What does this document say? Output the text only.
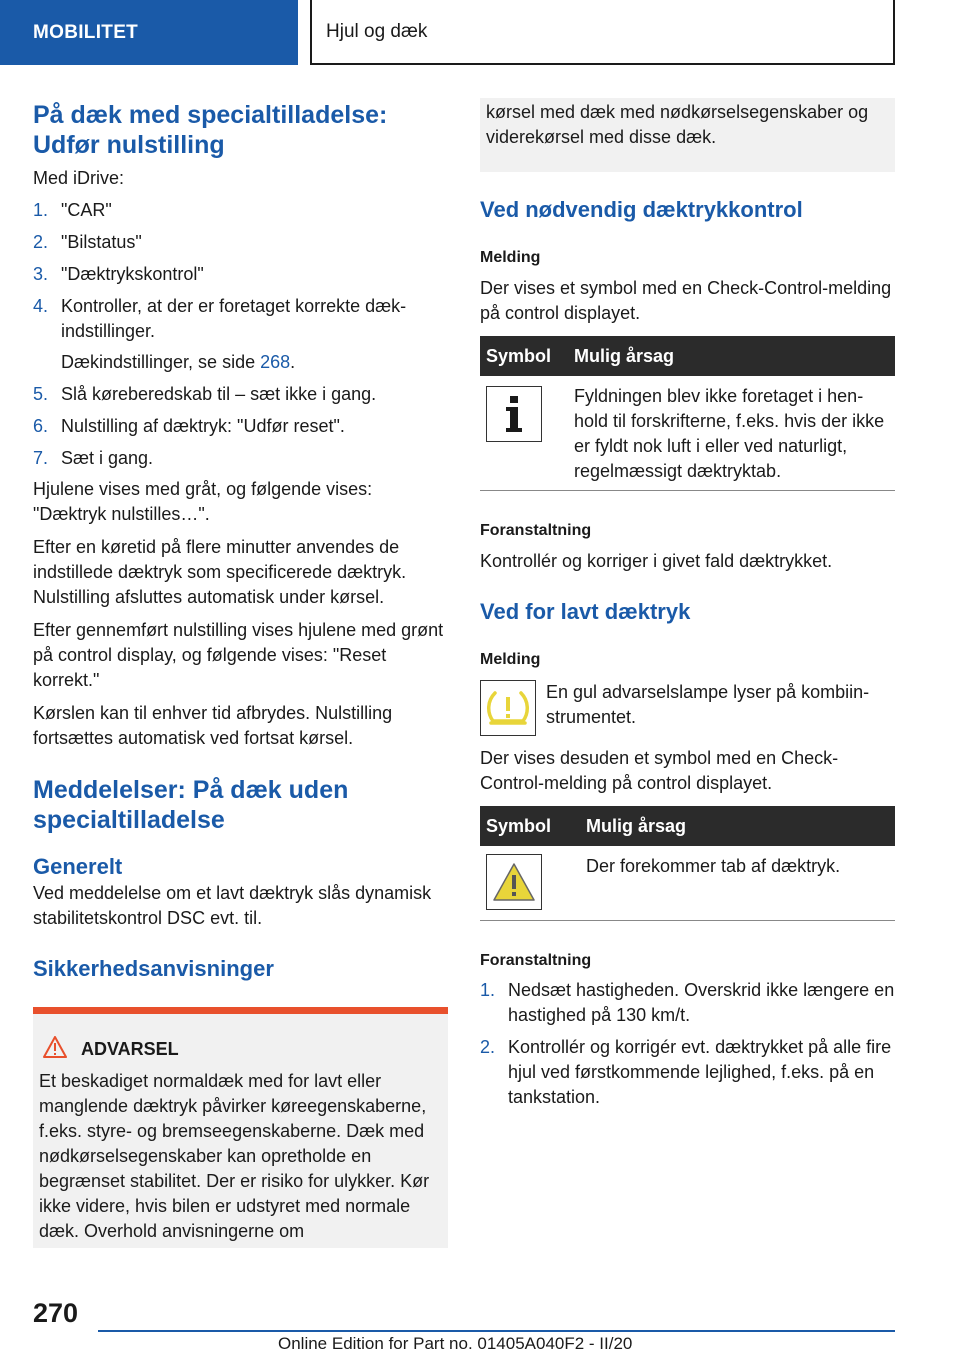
MOBILITET	Hjul og dæk
På dæk med specialtilladelse: Udfør nulstilling

Med iDrive:

1. "CAR"
2. "Bilstatus"
3. "Dæktrykskontrol"
4. Kontroller, at der er foretaget korrekte dækindstillinger.
Dækindstillinger, se side 268.
5. Slå køreberedskab til – sæt ikke i gang.
6. Nulstilling af dæktryk: "Udfør reset".
7. Sæt i gang.

Hjulene vises med gråt, og følgende vises: "Dæktryk nulstilles…".

Efter en køretid på flere minutter anvendes de indstillede dæktryk som specificerede dæktryk. Nulstilling afsluttes automatisk under kørsel.

Efter gennemført nulstilling vises hjulene med grønt på control display, og følgende vises: "Reset korrekt."

Kørslen kan til enhver tid afbrydes. Nulstilling fortsættes automatisk ved fortsat kørsel.

Meddelelser: På dæk uden specialtilladelse
Generelt

Ved meddelelse om et lavt dæktryk slås dynamisk stabilitetskontrol DSC evt. til.

Sikkerhedsanvisninger
ADVARSEL
Et beskadiget normaldæk med for lavt eller manglende dæktryk påvirker køreegenskaberne, f.eks. styre- og bremseegenskaberne. Dæk med nødkørselsegenskaber kan opretholde en begrænset stabilitet. Der er risiko for ulykker. Kør ikke videre, hvis bilen er udstyret med normale dæk. Overhold anvisningerne om
kørsel med dæk med nødkørselsegenskaber og viderekørsel med disse dæk.
Ved nødvendig dæktrykkontrol
Melding

Der vises et symbol med en Check-Control-melding på control displayet.

Symbol	Mulig årsag

	Fyldningen blev ikke foretaget i henhold til forskrifterne, f.eks. hvis der ikke er fyldt nok luft i eller ved naturligt, regelmæssigt dæktryktab.
Foranstaltning

Kontrollér og korriger i givet fald dæktrykket.

Ved for lavt dæktryk
Melding

En gul advarselslampe lyser på kombiinstrumentet.

Der vises desuden et symbol med en Check-Control-melding på control displayet.

Symbol	Mulig årsag

	Der forekommer tab af dæktryk.
Foranstaltning
1. Nedsæt hastigheden. Overskrid ikke længere en hastighed på 130 km/t.
2. Kontrollér og korrigér evt. dæktrykket på alle fire hjul ved førstkommende lejlighed, f.eks. på en tankstation.
270
Online Edition for Part no. 01405A040F2 - II/20
